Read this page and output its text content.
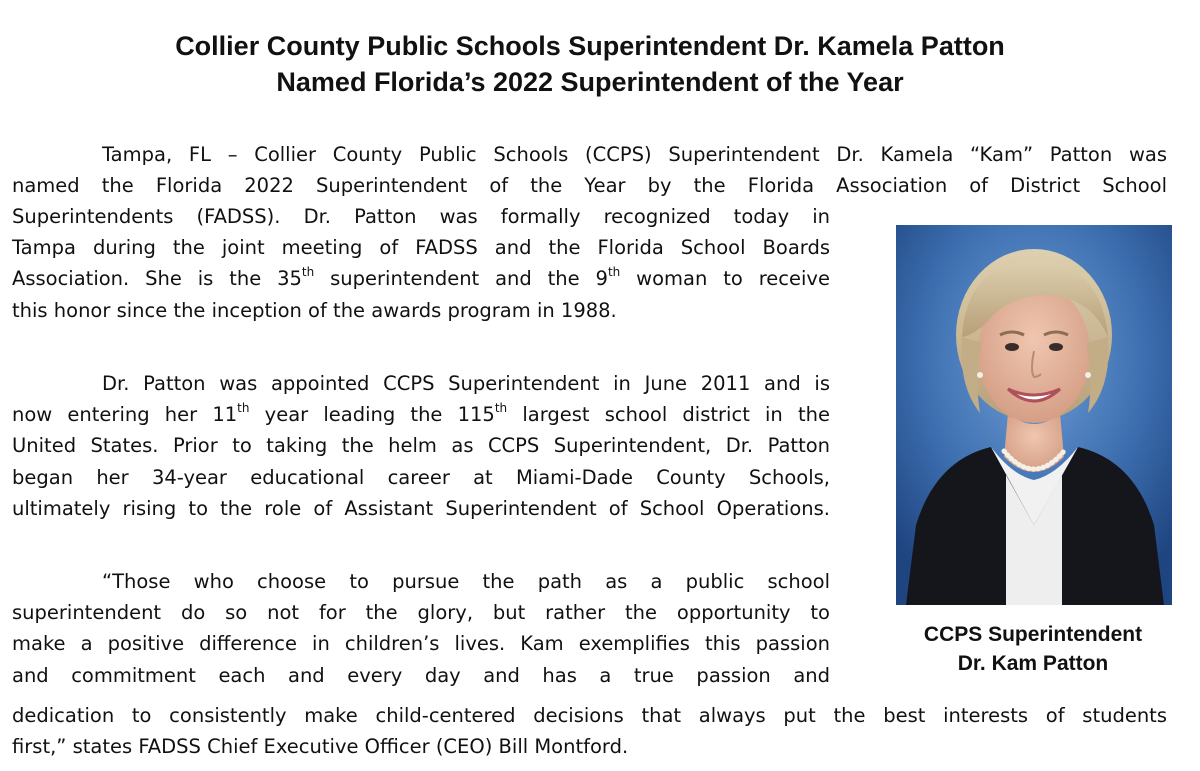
Collier County Public Schools Superintendent Dr. Kamela Patton
Named Florida’s 2022 Superintendent of the Year
Tampa, FL – Collier County Public Schools (CCPS) Superintendent Dr. Kamela “Kam” Patton was
named the Florida 2022 Superintendent of the Year by the Florida Association of District School
Superintendents (FADSS). Dr. Patton was formally recognized today in
Tampa during the joint meeting of FADSS and the Florida School Boards
Association. She is the 35th superintendent and the 9th woman to receive
this honor since the inception of the awards program in 1988.
Dr. Patton was appointed CCPS Superintendent in June 2011 and is
now entering her 11th year leading the 115th largest school district in the
United States. Prior to taking the helm as CCPS Superintendent, Dr. Patton
began her 34-year educational career at Miami-Dade County Schools,
ultimately rising to the role of Assistant Superintendent of School Operations.
“Those who choose to pursue the path as a public school
superintendent do so not for the glory, but rather the opportunity to
make a positive difference in children’s lives. Kam exemplifies this passion
and commitment each and every day and has a true passion and
dedication to consistently make child-centered decisions that always put the best interests of students
first,” states FADSS Chief Executive Officer (CEO) Bill Montford.
CCPS Superintendent
Dr. Kam Patton
